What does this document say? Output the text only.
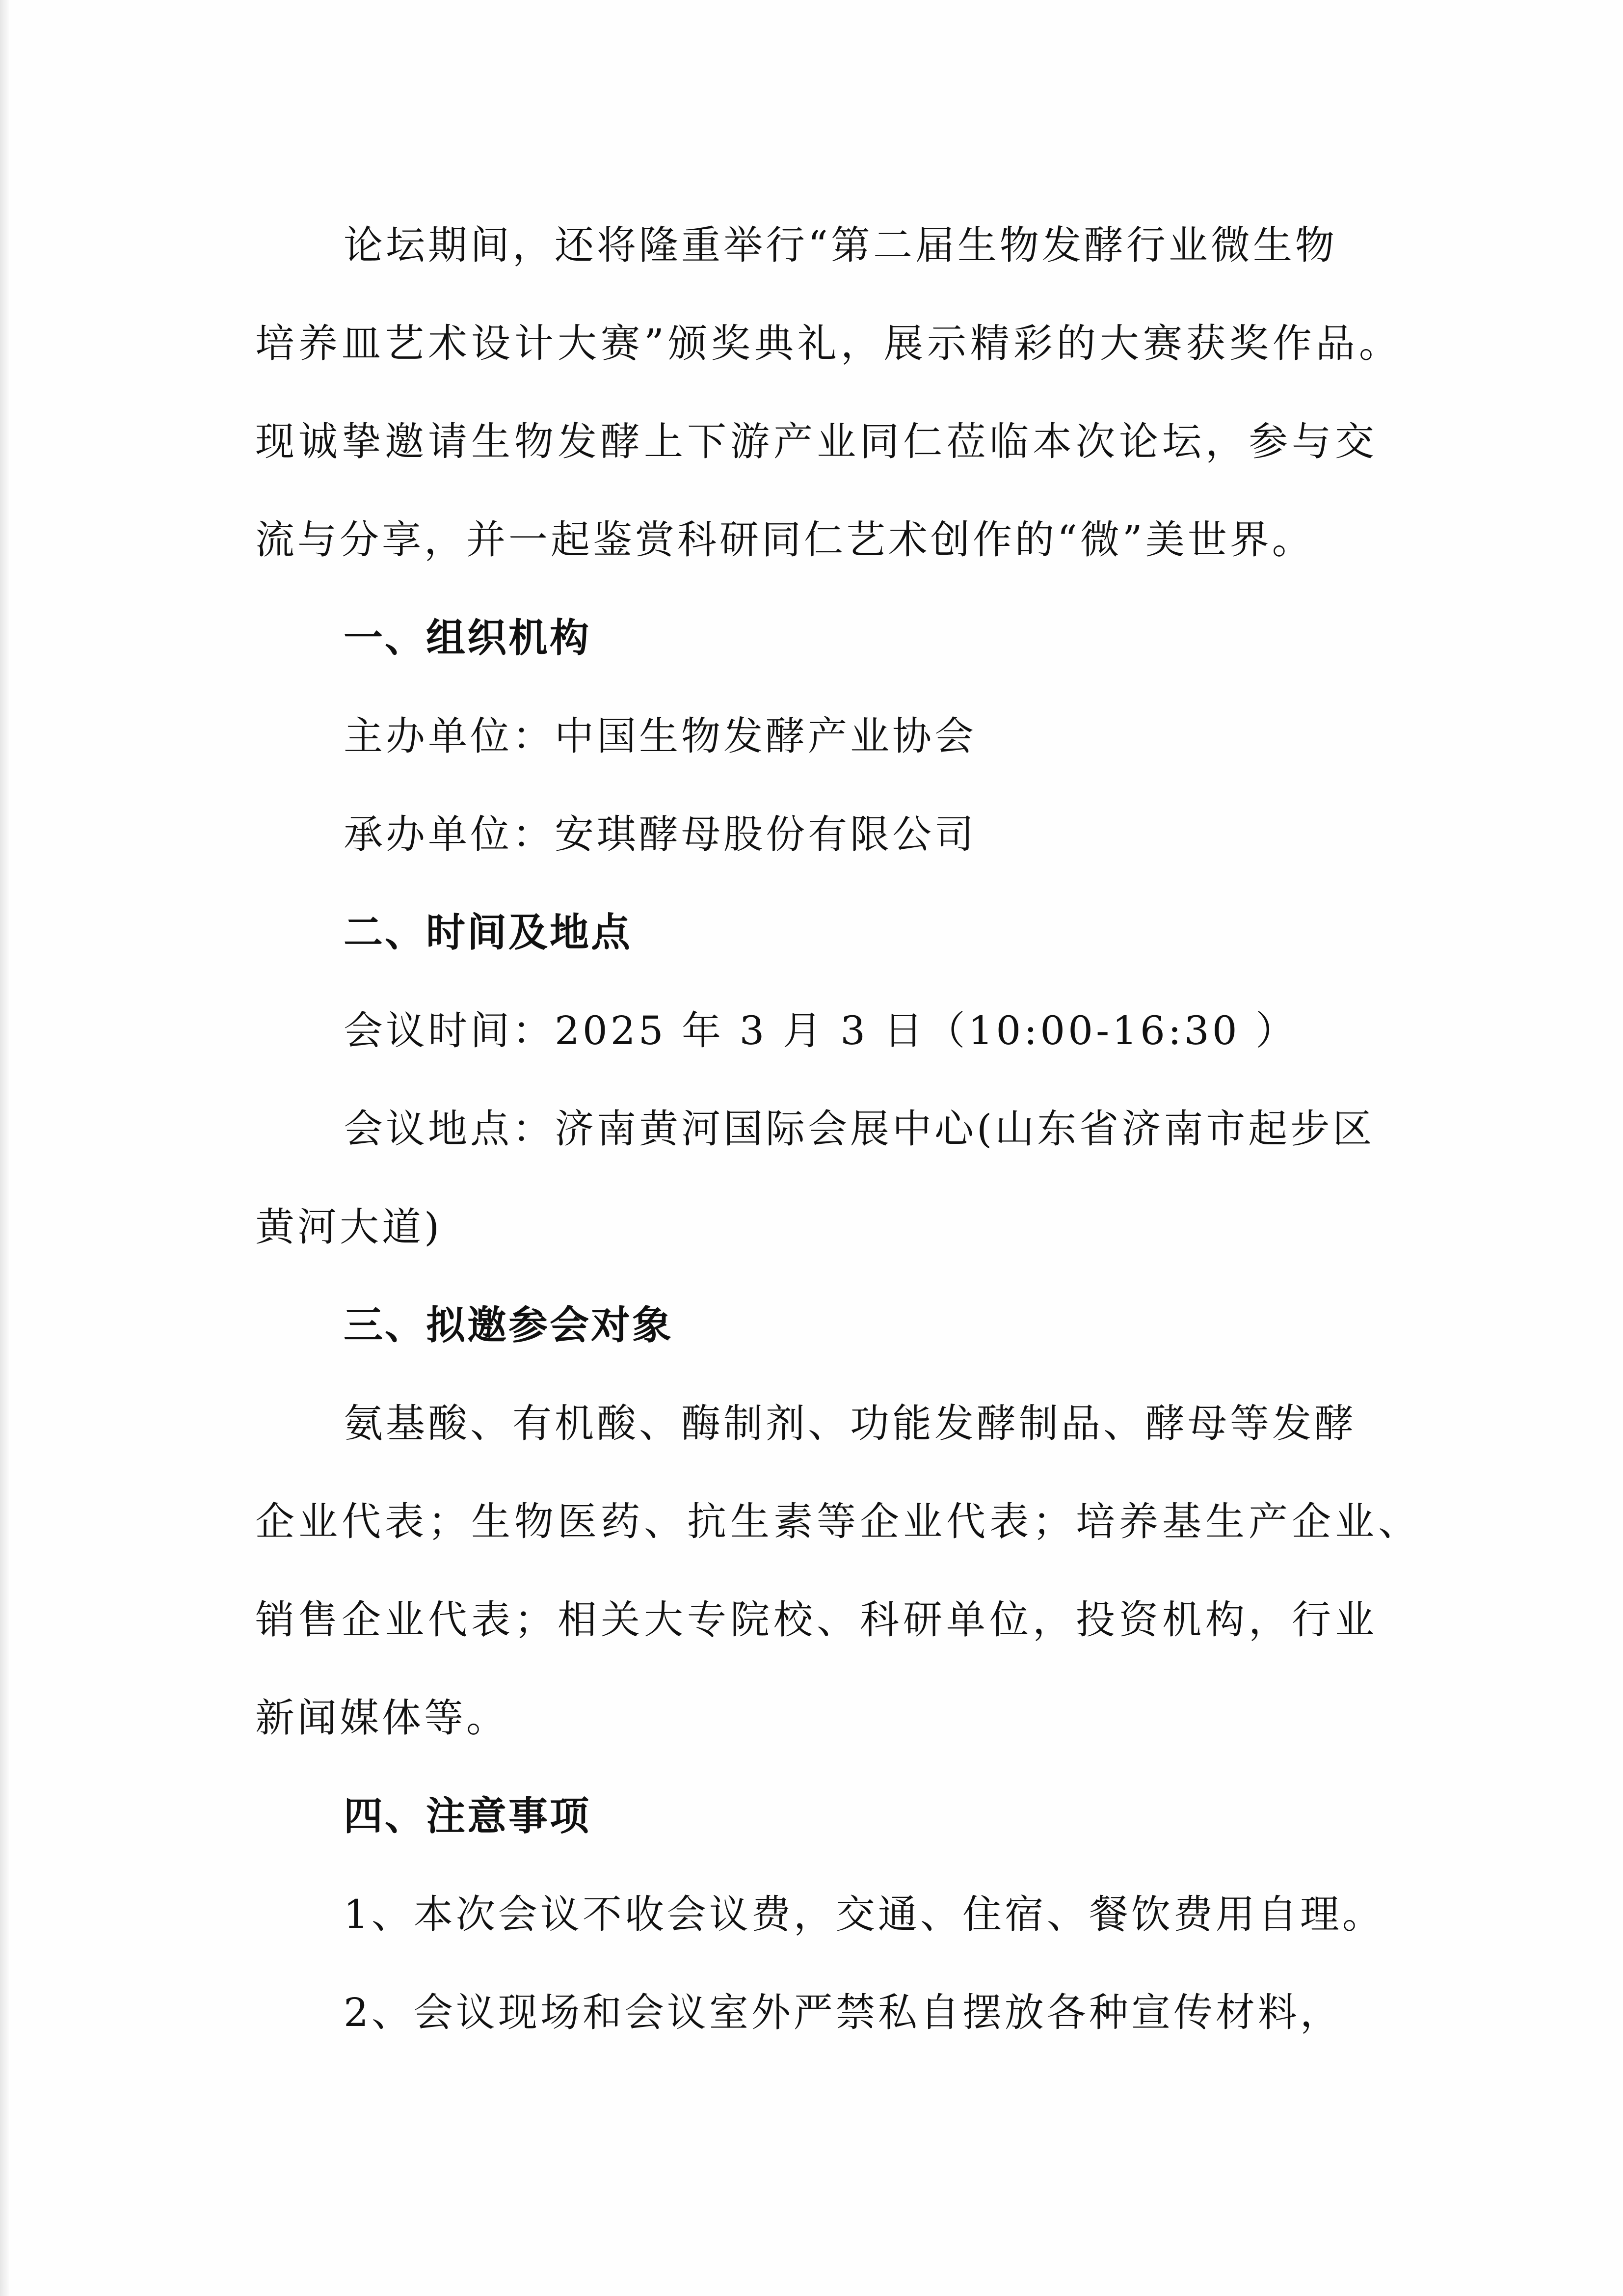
论坛期间，还将隆重举行“第二届生物发酵行业微生物
培养皿艺术设计大赛”颁奖典礼，展示精彩的大赛获奖作品。
现诚挚邀请生物发酵上下游产业同仁莅临本次论坛，参与交
流与分享，并一起鉴赏科研同仁艺术创作的“微”美世界。
一、组织机构
主办单位：中国生物发酵产业协会
承办单位：安琪酵母股份有限公司
二、时间及地点
会议时间：2025 年 3 月 3 日（10:00-16:30 ）
会议地点：济南黄河国际会展中心(山东省济南市起步区
黄河大道)
三、拟邀参会对象
氨基酸、有机酸、酶制剂、功能发酵制品、酵母等发酵
企业代表；生物医药、抗生素等企业代表；培养基生产企业、
销售企业代表；相关大专院校、科研单位，投资机构，行业
新闻媒体等。
四、注意事项
1、本次会议不收会议费，交通、住宿、餐饮费用自理。
2、会议现场和会议室外严禁私自摆放各种宣传材料，
